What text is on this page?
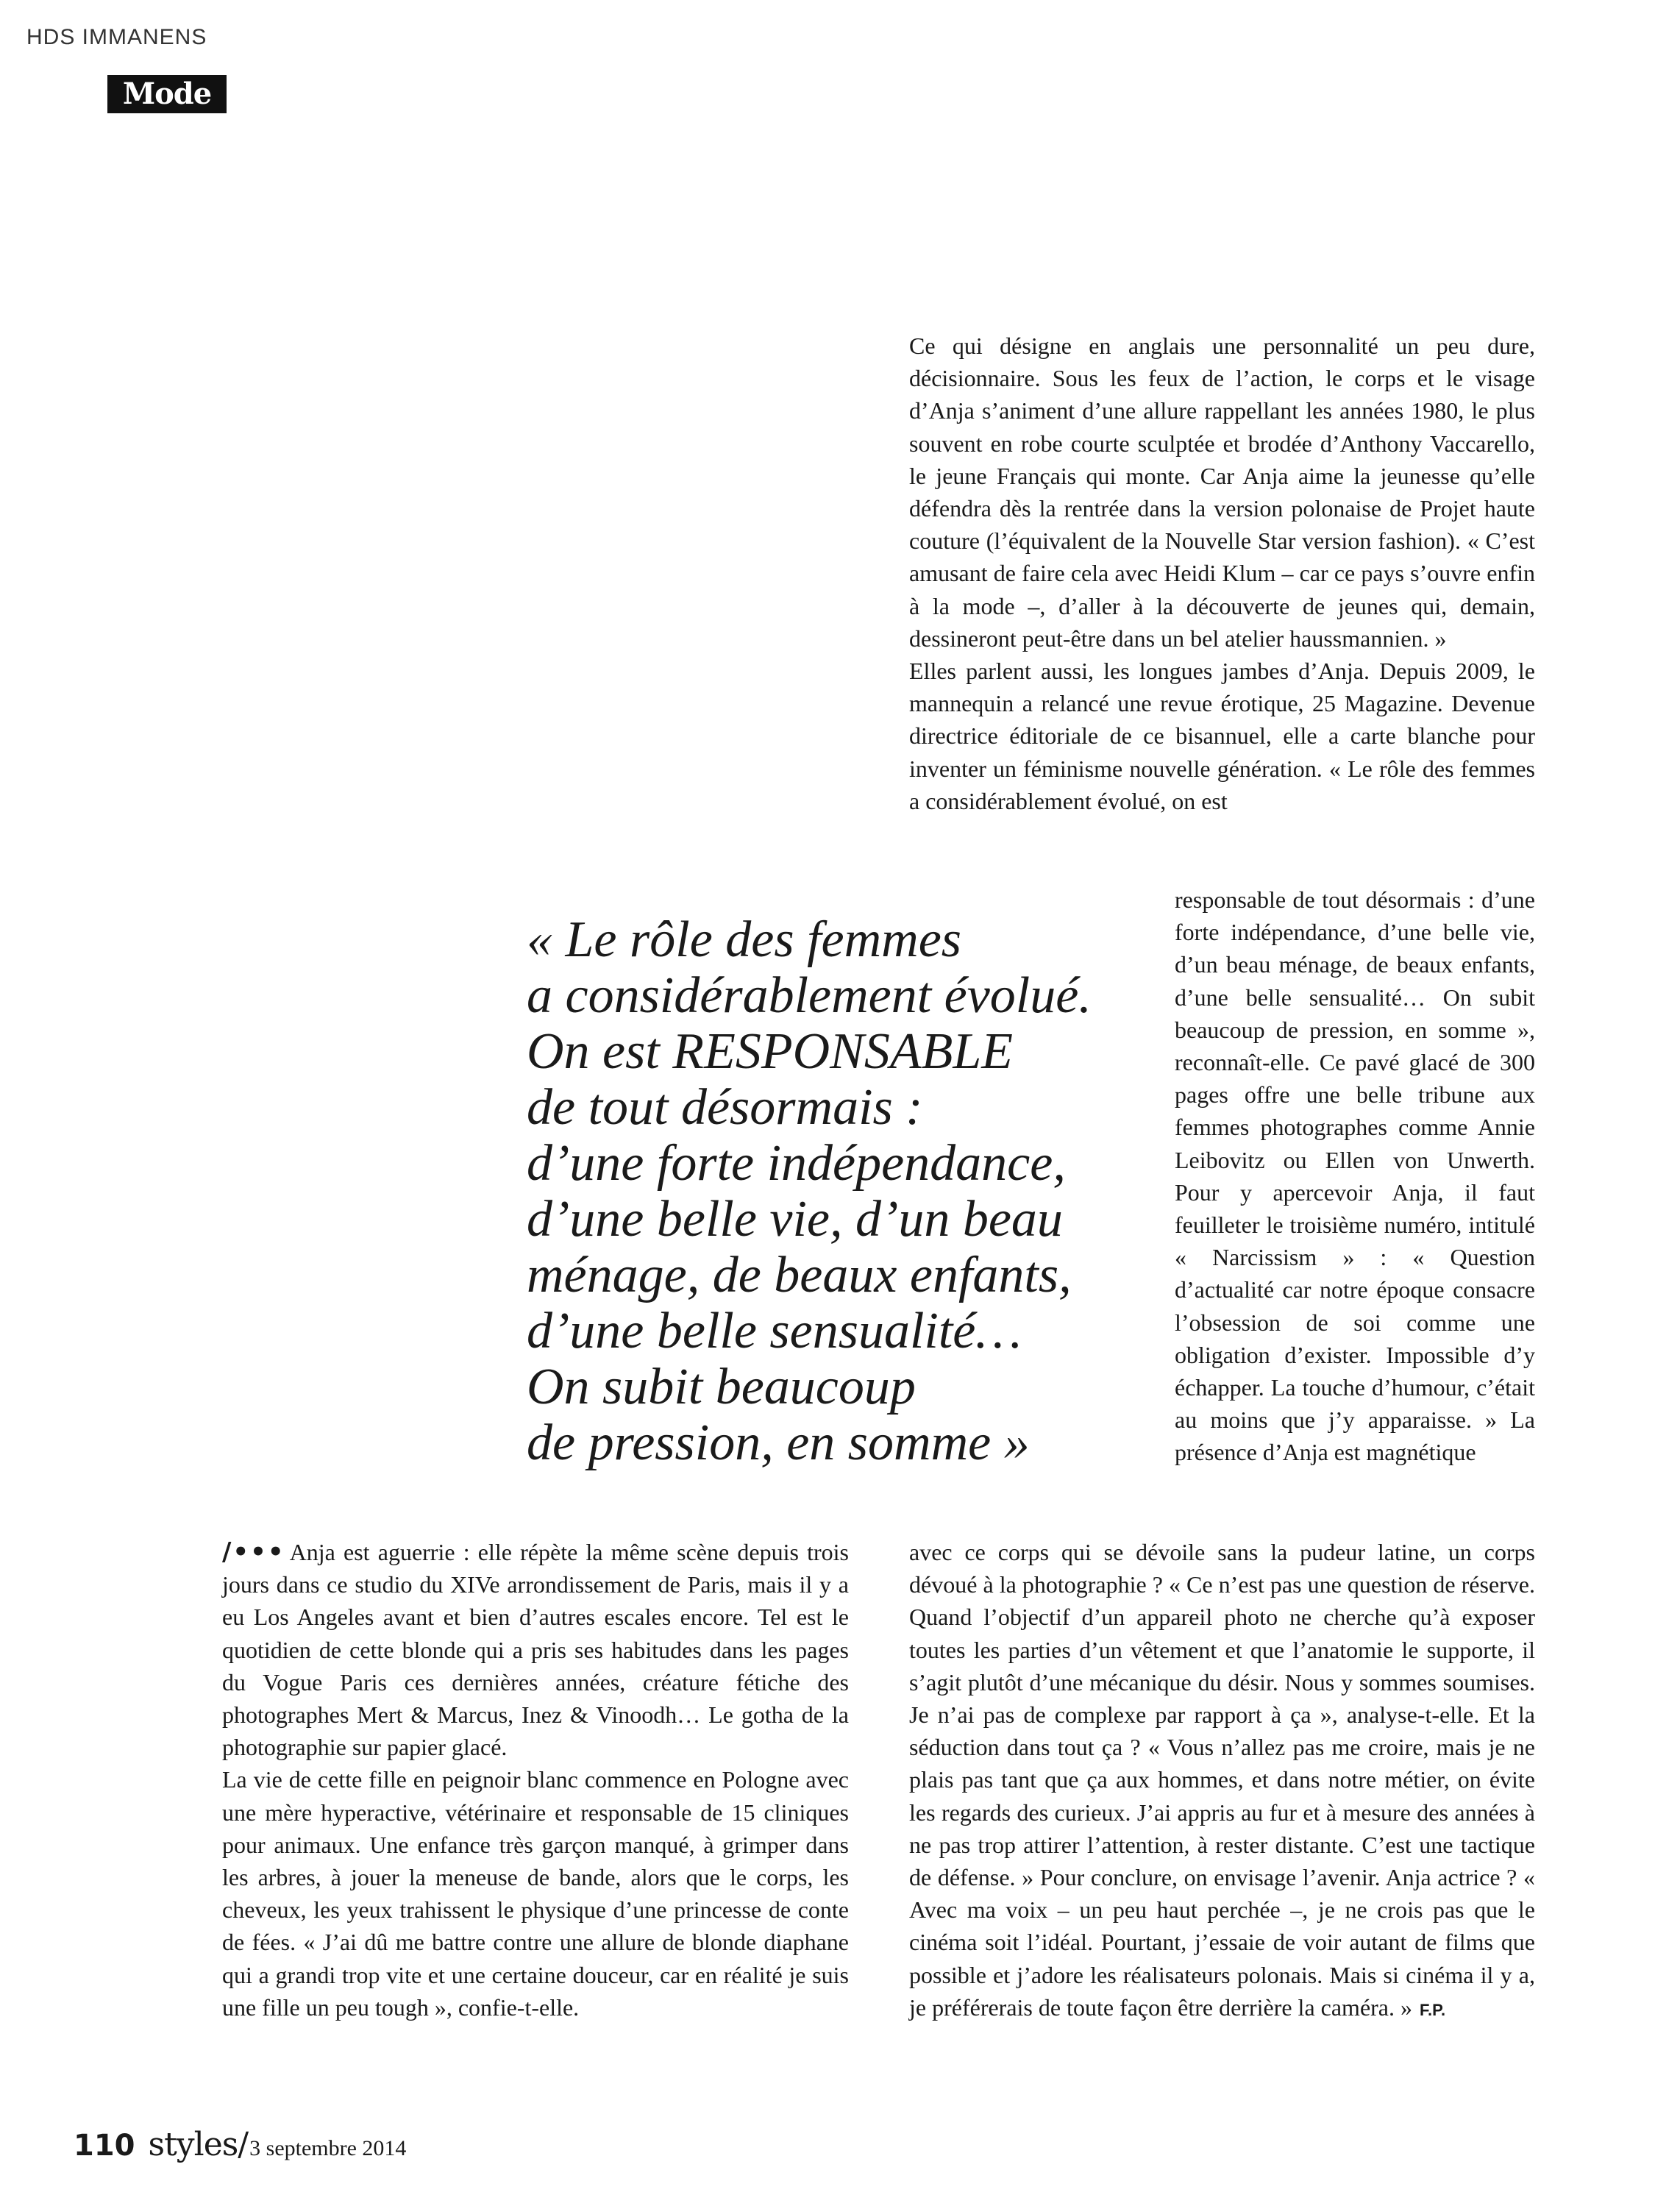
HDS IMMANENS
Mode

Ce qui désigne en anglais une personnalité un peu dure, décisionnaire. Sous les feux de l’action, le corps et le visage d’Anja s’animent d’une allure rappellant les années 1980, le plus souvent en robe courte sculptée et brodée d’Anthony Vaccarello, le jeune Français qui monte. Car Anja aime la jeunesse qu’elle défendra dès la rentrée dans la version polonaise de Projet haute couture (l’équivalent de la Nouvelle Star version fashion). « C’est amusant de faire cela avec Heidi Klum – car ce pays s’ouvre enfin à la mode –, d’aller à la découverte de jeunes qui, demain, dessineront peut-être dans un bel atelier haussmannien. »

Elles parlent aussi, les longues jambes d’Anja. Depuis 2009, le mannequin a relancé une revue érotique, 25 Magazine. Devenue directrice éditoriale de ce bisannuel, elle a carte blanche pour inventer un féminisme nouvelle génération. « Le rôle des femmes a considérablement évolué, on est

responsable de tout désormais : d’une forte indépendance, d’une belle vie, d’un beau ménage, de beaux enfants, d’une belle sensualité… On subit beaucoup de pression, en somme », reconnaît-elle. Ce pavé glacé de 300 pages offre une belle tribune aux femmes photographes comme Annie Leibovitz ou Ellen von Unwerth. Pour y apercevoir Anja, il faut feuilleter le troisième numéro, intitulé « Narcissism » : « Question d’actualité car notre époque consacre l’obsession de soi comme une obligation d’exister. Impossible d’y échapper. La touche d’humour, c’était au moins que j’y apparaisse. » La présence d’Anja est magnétique

« Le rôle des femmes
a considérablement évolué.
On est RESPONSABLE
de tout désormais :
d’une forte indépendance,
d’une belle vie, d’un beau
ménage, de beaux enfants,
d’une belle sensualité…
On subit beaucoup
de pression, en somme »

/••• Anja est aguerrie : elle répète la même scène depuis trois jours dans ce studio du XIVe arrondissement de Paris, mais il y a eu Los Angeles avant et bien d’autres escales encore. Tel est le quotidien de cette blonde qui a pris ses habitudes dans les pages du Vogue Paris ces dernières années, créature fétiche des photographes Mert & Marcus, Inez & Vinoodh… Le gotha de la photographie sur papier glacé.

La vie de cette fille en peignoir blanc commence en Pologne avec une mère hyperactive, vétérinaire et responsable de 15 cliniques pour animaux. Une enfance très garçon manqué, à grimper dans les arbres, à jouer la meneuse de bande, alors que le corps, les cheveux, les yeux trahissent le physique d’une princesse de conte de fées. « J’ai dû me battre contre une allure de blonde diaphane qui a grandi trop vite et une certaine douceur, car en réalité je suis une fille un peu tough », confie-t-elle.

avec ce corps qui se dévoile sans la pudeur latine, un corps dévoué à la photographie ? « Ce n’est pas une question de réserve. Quand l’objectif d’un appareil photo ne cherche qu’à exposer toutes les parties d’un vêtement et que l’anatomie le supporte, il s’agit plutôt d’une mécanique du désir. Nous y sommes soumises. Je n’ai pas de complexe par rapport à ça », analyse-t-elle. Et la séduction dans tout ça ? « Vous n’allez pas me croire, mais je ne plais pas tant que ça aux hommes, et dans notre métier, on évite les regards des curieux. J’ai appris au fur et à mesure des années à ne pas trop attirer l’attention, à rester distante. C’est une tactique de défense. » Pour conclure, on envisage l’avenir. Anja actrice ? « Avec ma voix – un peu haut perchée –, je ne crois pas que le cinéma soit l’idéal. Pourtant, j’essaie de voir autant de films que possible et j’adore les réalisateurs polonais. Mais si cinéma il y a, je préférerais de toute façon être derrière la caméra. » F.P.

110 styles/ 3 septembre 2014
